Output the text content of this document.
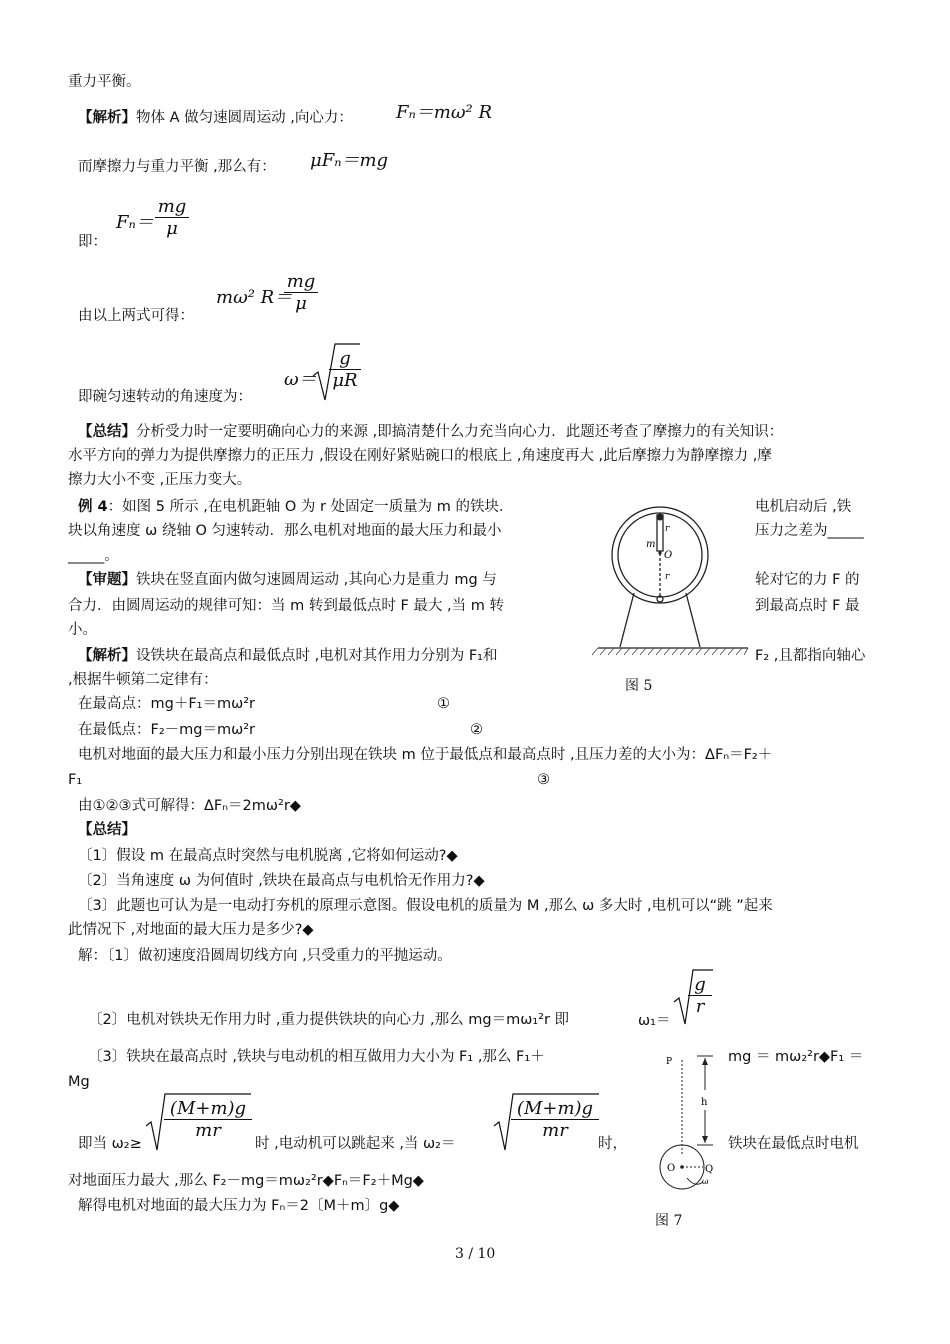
重力平衡。
【解析】物体 A 做匀速圆周运动 ,向心力： Fₙ＝mω² R
而摩擦力与重力平衡 ,那么有： μFₙ＝mg
即：
$F_n= \frac{mg}{\mu}$
由以上两式可得：
mω² R＝
$\frac{mg}{\mu}$
即碗匀速转动的角速度为：
$\omega= \frac{g}{\mu R}$
【总结】分析受力时一定要明确向心力的来源 ,即搞清楚什么力充当向心力．此题还考查了摩擦力的有关知识：
水平方向的弹力为提供摩擦力的正压力 ,假设在刚好紧贴碗口的根底上 ,角速度再大 ,此后摩擦力为静摩擦力 ,摩
擦力大小不变 ,正压力变大。
例 4：如图 5 所示 ,在电机距轴 O 为 r 处固定一质量为 m 的铁块．	电机启动后 ,铁
块以角速度 ω 绕轴 O 匀速转动．那么电机对地面的最大压力和最小	压力之差为_____
_____。
【审题】铁块在竖直面内做匀速圆周运动 ,其向心力是重力 mg 与	轮对它的力 F 的
合力．由圆周运动的规律可知：当 m 转到最低点时 F 最大 ,当 m 转	到最高点时 F 最
小。
【解析】设铁块在最高点和最低点时 ,电机对其作用力分别为 F₁和	F₂ ,且都指向轴心
,根据牛顿第二定律有：
在最高点：mg＋F₁＝mω²r	①
在最低点：F₂－mg＝mω²r	②
电机对地面的最大压力和最小压力分别出现在铁块 m 位于最低点和最高点时 ,且压力差的大小为：ΔFₙ＝F₂＋
F₁	③
由①②③式可解得：ΔFₙ＝2mω²r◆
【总结】
〔1〕假设 m 在最高点时突然与电机脱离 ,它将如何运动?◆
〔2〕当角速度 ω 为何值时 ,铁块在最高点与电机恰无作用力?◆
〔3〕此题也可认为是一电动打夯机的原理示意图。假设电机的质量为 M ,那么 ω 多大时 ,电机可以“跳 ”起来
此情况下 ,对地面的最大压力是多少?◆
解：〔1〕做初速度沿圆周切线方向 ,只受重力的平抛运动。
〔2〕电机对铁块无作用力时 ,重力提供铁块的向心力 ,那么 mg＝mω₁²r 即	ω₁＝
$\frac{g}{r}$
〔3〕铁块在最高点时 ,铁块与电动机的相互做用力大小为 F₁ ,那么 F₁＋	mg ＝ mω₂²r◆F₁ ＝
Mg
即当 ω₂≥
$\frac{(M+m)g}{mr}$
时 ,电动机可以跳起来 ,当 ω₂＝
$\frac{(M+m)g}{mr}$
时，	铁块在最低点时电机
对地面压力最大 ,那么 F₂－mg＝mω₂²r◆Fₙ＝F₂＋Mg◆
解得电机对地面的最大压力为 Fₙ＝2〔M＋m〕g◆
m
O
r
r
图 5
P
h
O	Q
ω
图 7
3 / 10
